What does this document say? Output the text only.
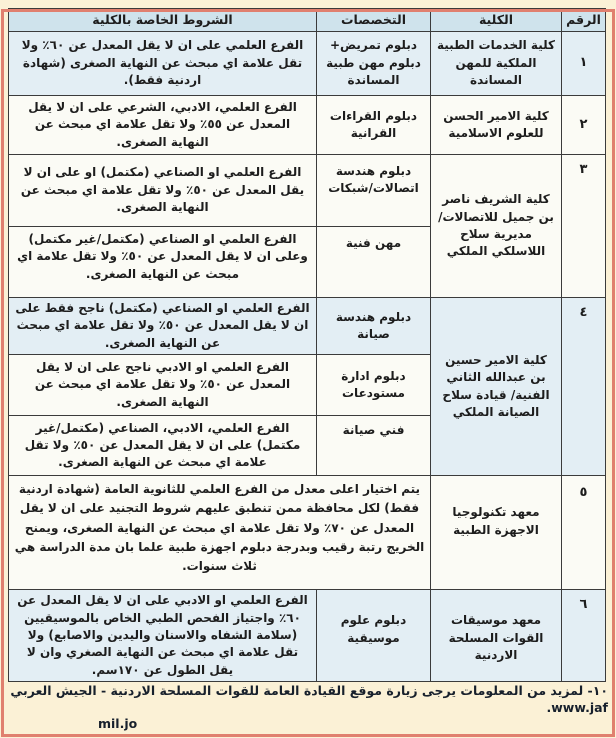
الرقم	الكلية	التخصصات	الشروط الخاصة بالكلية
١	كلية الخدمات الطبية الملكية للمهن المساندة	دبلوم تمريض+ دبلوم مهن طبية المساندة	الفرع العلمي على ان لا يقل المعدل عن ٦٠٪ ولا تقل علامة اي مبحث عن النهاية الصغرى (شهادة اردنية فقط).
٢	كلية الامير الحسن للعلوم الاسلامية	دبلوم القراءات القرانية	الفرع العلمي، الادبي، الشرعي على ان لا يقل المعدل عن ٥٥٪ ولا تقل علامة اي مبحث عن النهاية الصغرى.
٣	كلية الشريف ناصر بن جميل للاتصالات/ مديرية سلاح اللاسلكي الملكي	دبلوم هندسة اتصالات/شبكات	الفرع العلمي او الصناعي (مكتمل) او على ان لا يقل المعدل عن ٥٠٪ ولا تقل علامة اي مبحث عن النهاية الصغرى.
		مهن فنية	الفرع العلمي او الصناعي (مكتمل/غير مكتمل) وعلى ان لا يقل المعدل عن ٥٠٪ ولا تقل علامة اي مبحث عن النهاية الصغرى.
٤	كلية الامير حسين بن عبدالله الثاني الفنية/ قيادة سلاح الصيانة الملكي	دبلوم هندسة صيانة	الفرع العلمي او الصناعي (مكتمل) ناجح فقط على ان لا يقل المعدل عن ٥٠٪ ولا تقل علامة اي مبحث عن النهاية الصغرى.
		دبلوم ادارة مستودعات	الفرع العلمي او الادبي ناجح على ان لا يقل المعدل عن ٥٠٪ ولا تقل علامة اي مبحث عن النهاية الصغرى.
		فني صيانة	الفرع العلمي، الادبي، الصناعي (مكتمل/غير مكتمل) على ان لا يقل المعدل عن ٥٠٪ ولا تقل علامة اي مبحث عن النهاية الصغرى.
٥	معهد تكنولوجيا الاجهزة الطبية	يتم اختيار اعلى معدل من الفرع العلمي للثانوية العامة (شهادة اردنية فقط) لكل محافظة ممن تنطبق عليهم شروط التجنيد على ان لا يقل المعدل عن ٧٠٪ ولا تقل علامة اي مبحث عن النهاية الصغرى، ويمنح الخريج رتبة رقيب وبدرجة دبلوم اجهزة طبية علما بان مدة الدراسة هي ثلاث سنوات.	
٦	معهد موسيقات القوات المسلحة الاردنية	دبلوم علوم موسيقية	الفرع العلمي او الادبي على ان لا يقل المعدل عن ٦٠٪ واجتياز الفحص الطبي الخاص بالموسيقيين (سلامة الشفاه والاسنان واليدين والاصابع) ولا تقل علامة اي مبحث عن النهاية الصغري وان لا يقل الطول عن ١٧٠سم.
١٠- لمزيد من المعلومات يرجى زيارة موقع القيادة العامة للقوات المسلحة الاردنية - الجيش العربي www.jaf.
mil.jo
